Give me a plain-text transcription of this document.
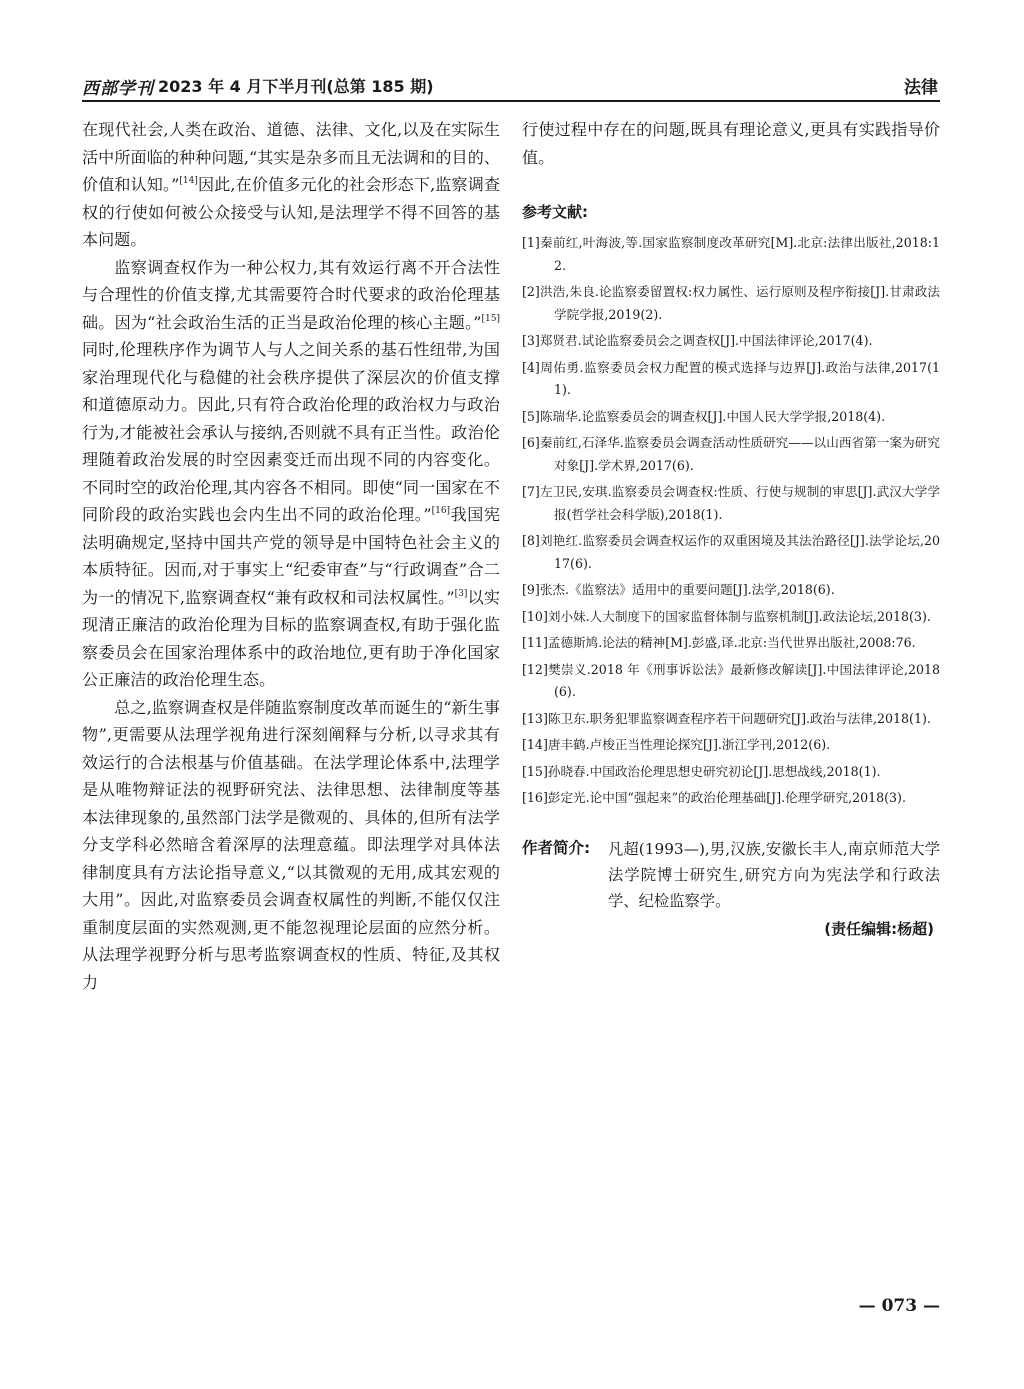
西部学刊 2023 年 4 月下半月刊(总第 185 期)	法律

在现代社会,人类在政治、道德、法律、文化,以及在实际生活中所面临的种种问题,“其实是杂多而且无法调和的目的、价值和认知。”[14]因此,在价值多元化的社会形态下,监察调查权的行使如何被公众接受与认知,是法理学不得不回答的基本问题。

监察调查权作为一种公权力,其有效运行离不开合法性与合理性的价值支撑,尤其需要符合时代要求的政治伦理基础。因为“社会政治生活的正当是政治伦理的核心主题。”[15]同时,伦理秩序作为调节人与人之间关系的基石性纽带,为国家治理现代化与稳健的社会秩序提供了深层次的价值支撑和道德原动力。因此,只有符合政治伦理的政治权力与政治行为,才能被社会承认与接纳,否则就不具有正当性。政治伦理随着政治发展的时空因素变迁而出现不同的内容变化。不同时空的政治伦理,其内容各不相同。即使“同一国家在不同阶段的政治实践也会内生出不同的政治伦理。”[16]我国宪法明确规定,坚持中国共产党的领导是中国特色社会主义的本质特征。因而,对于事实上“纪委审查”与“行政调查”合二为一的情况下,监察调查权“兼有政权和司法权属性。”[3]以实现清正廉洁的政治伦理为目标的监察调查权,有助于强化监察委员会在国家治理体系中的政治地位,更有助于净化国家公正廉洁的政治伦理生态。

总之,监察调查权是伴随监察制度改革而诞生的“新生事物”,更需要从法理学视角进行深刻阐释与分析,以寻求其有效运行的合法根基与价值基础。在法学理论体系中,法理学是从唯物辩证法的视野研究法、法律思想、法律制度等基本法律现象的,虽然部门法学是微观的、具体的,但所有法学分支学科必然暗含着深厚的法理意蕴。即法理学对具体法律制度具有方法论指导意义,“以其微观的无用,成其宏观的大用”。因此,对监察委员会调查权属性的判断,不能仅仅注重制度层面的实然观测,更不能忽视理论层面的应然分析。从法理学视野分析与思考监察调查权的性质、特征,及其权力

行使过程中存在的问题,既具有理论意义,更具有实践指导价值。

参考文献:
[1]秦前红,叶海波,等.国家监察制度改革研究[M].北京:法律出版社,2018:12.
[2]洪浩,朱良.论监察委留置权:权力属性、运行原则及程序衔接[J].甘肃政法学院学报,2019(2).
[3]郑贤君.试论监察委员会之调查权[J].中国法律评论,2017(4).
[4]周佑勇.监察委员会权力配置的模式选择与边界[J].政治与法律,2017(11).
[5]陈瑞华.论监察委员会的调查权[J].中国人民大学学报,2018(4).
[6]秦前红,石泽华.监察委员会调查活动性质研究——以山西省第一案为研究对象[J].学术界,2017(6).
[7]左卫民,安琪.监察委员会调查权:性质、行使与规制的审思[J].武汉大学学报(哲学社会科学版),2018(1).
[8]刘艳红.监察委员会调查权运作的双重困境及其法治路径[J].法学论坛,2017(6).
[9]张杰.《监察法》适用中的重要问题[J].法学,2018(6).
[10]刘小妹.人大制度下的国家监督体制与监察机制[J].政法论坛,2018(3).
[11]孟德斯鸠.论法的精神[M].彭盛,译.北京:当代世界出版社,2008:76.
[12]樊崇义.2018 年《刑事诉讼法》最新修改解读[J].中国法律评论,2018(6).
[13]陈卫东.职务犯罪监察调查程序若干问题研究[J].政治与法律,2018(1).
[14]唐丰鹤.卢梭正当性理论探究[J].浙江学刊,2012(6).
[15]孙晓春.中国政治伦理思想史研究初论[J].思想战线,2018(1).
[16]彭定光.论中国“强起来”的政治伦理基础[J].伦理学研究,2018(3).
作者简介: 凡超(1993—),男,汉族,安徽长丰人,南京师范大学法学院博士研究生,研究方向为宪法学和行政法学、纪检监察学。

(责任编辑:杨超)
— 073 —
